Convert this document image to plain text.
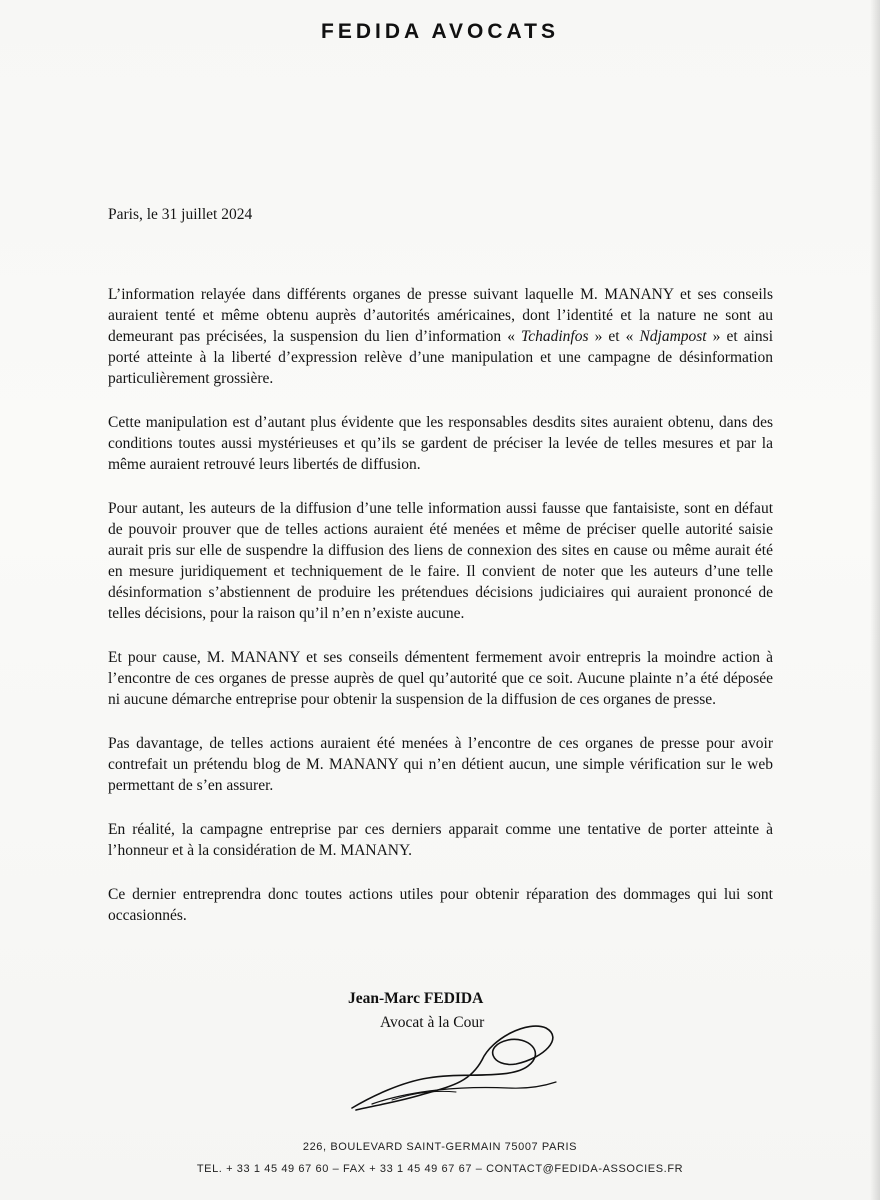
FEDIDA AVOCATS
Paris, le 31 juillet 2024

L’information relayée dans différents organes de presse suivant laquelle M. MANANY et ses conseils auraient tenté et même obtenu auprès d’autorités américaines, dont l’identité et la nature ne sont au demeurant pas précisées, la suspension du lien d’information « Tchadinfos » et « Ndjampost » et ainsi porté atteinte à la liberté d’expression relève d’une manipulation et une campagne de désinformation particulièrement grossière.

Cette manipulation est d’autant plus évidente que les responsables desdits sites auraient obtenu, dans des conditions toutes aussi mystérieuses et qu’ils se gardent de préciser la levée de telles mesures et par la même auraient retrouvé leurs libertés de diffusion.

Pour autant, les auteurs de la diffusion d’une telle information aussi fausse que fantaisiste, sont en défaut de pouvoir prouver que de telles actions auraient été menées et même de préciser quelle autorité saisie aurait pris sur elle de suspendre la diffusion des liens de connexion des sites en cause ou même aurait été en mesure juridiquement et techniquement de le faire. Il convient de noter que les auteurs d’une telle désinformation s’abstiennent de produire les prétendues décisions judiciaires qui auraient prononcé de telles décisions, pour la raison qu’il n’en n’existe aucune.

Et pour cause, M. MANANY et ses conseils démentent fermement avoir entrepris la moindre action à l’encontre de ces organes de presse auprès de quel qu’autorité que ce soit. Aucune plainte n’a été déposée ni aucune démarche entreprise pour obtenir la suspension de la diffusion de ces organes de presse.

Pas davantage, de telles actions auraient été menées à l’encontre de ces organes de presse pour avoir contrefait un prétendu blog de M. MANANY qui n’en détient aucun, une simple vérification sur le web permettant de s’en assurer.

En réalité, la campagne entreprise par ces derniers apparait comme une tentative de porter atteinte à l’honneur et à la considération de M. MANANY.

Ce dernier entreprendra donc toutes actions utiles pour obtenir réparation des dommages qui lui sont occasionnés.

Jean-Marc FEDIDA
Avocat à la Cour
226, BOULEVARD SAINT-GERMAIN 75007 PARIS
TEL. + 33 1 45 49 67 60 – FAX + 33 1 45 49 67 67 – CONTACT@FEDIDA-ASSOCIES.FR
